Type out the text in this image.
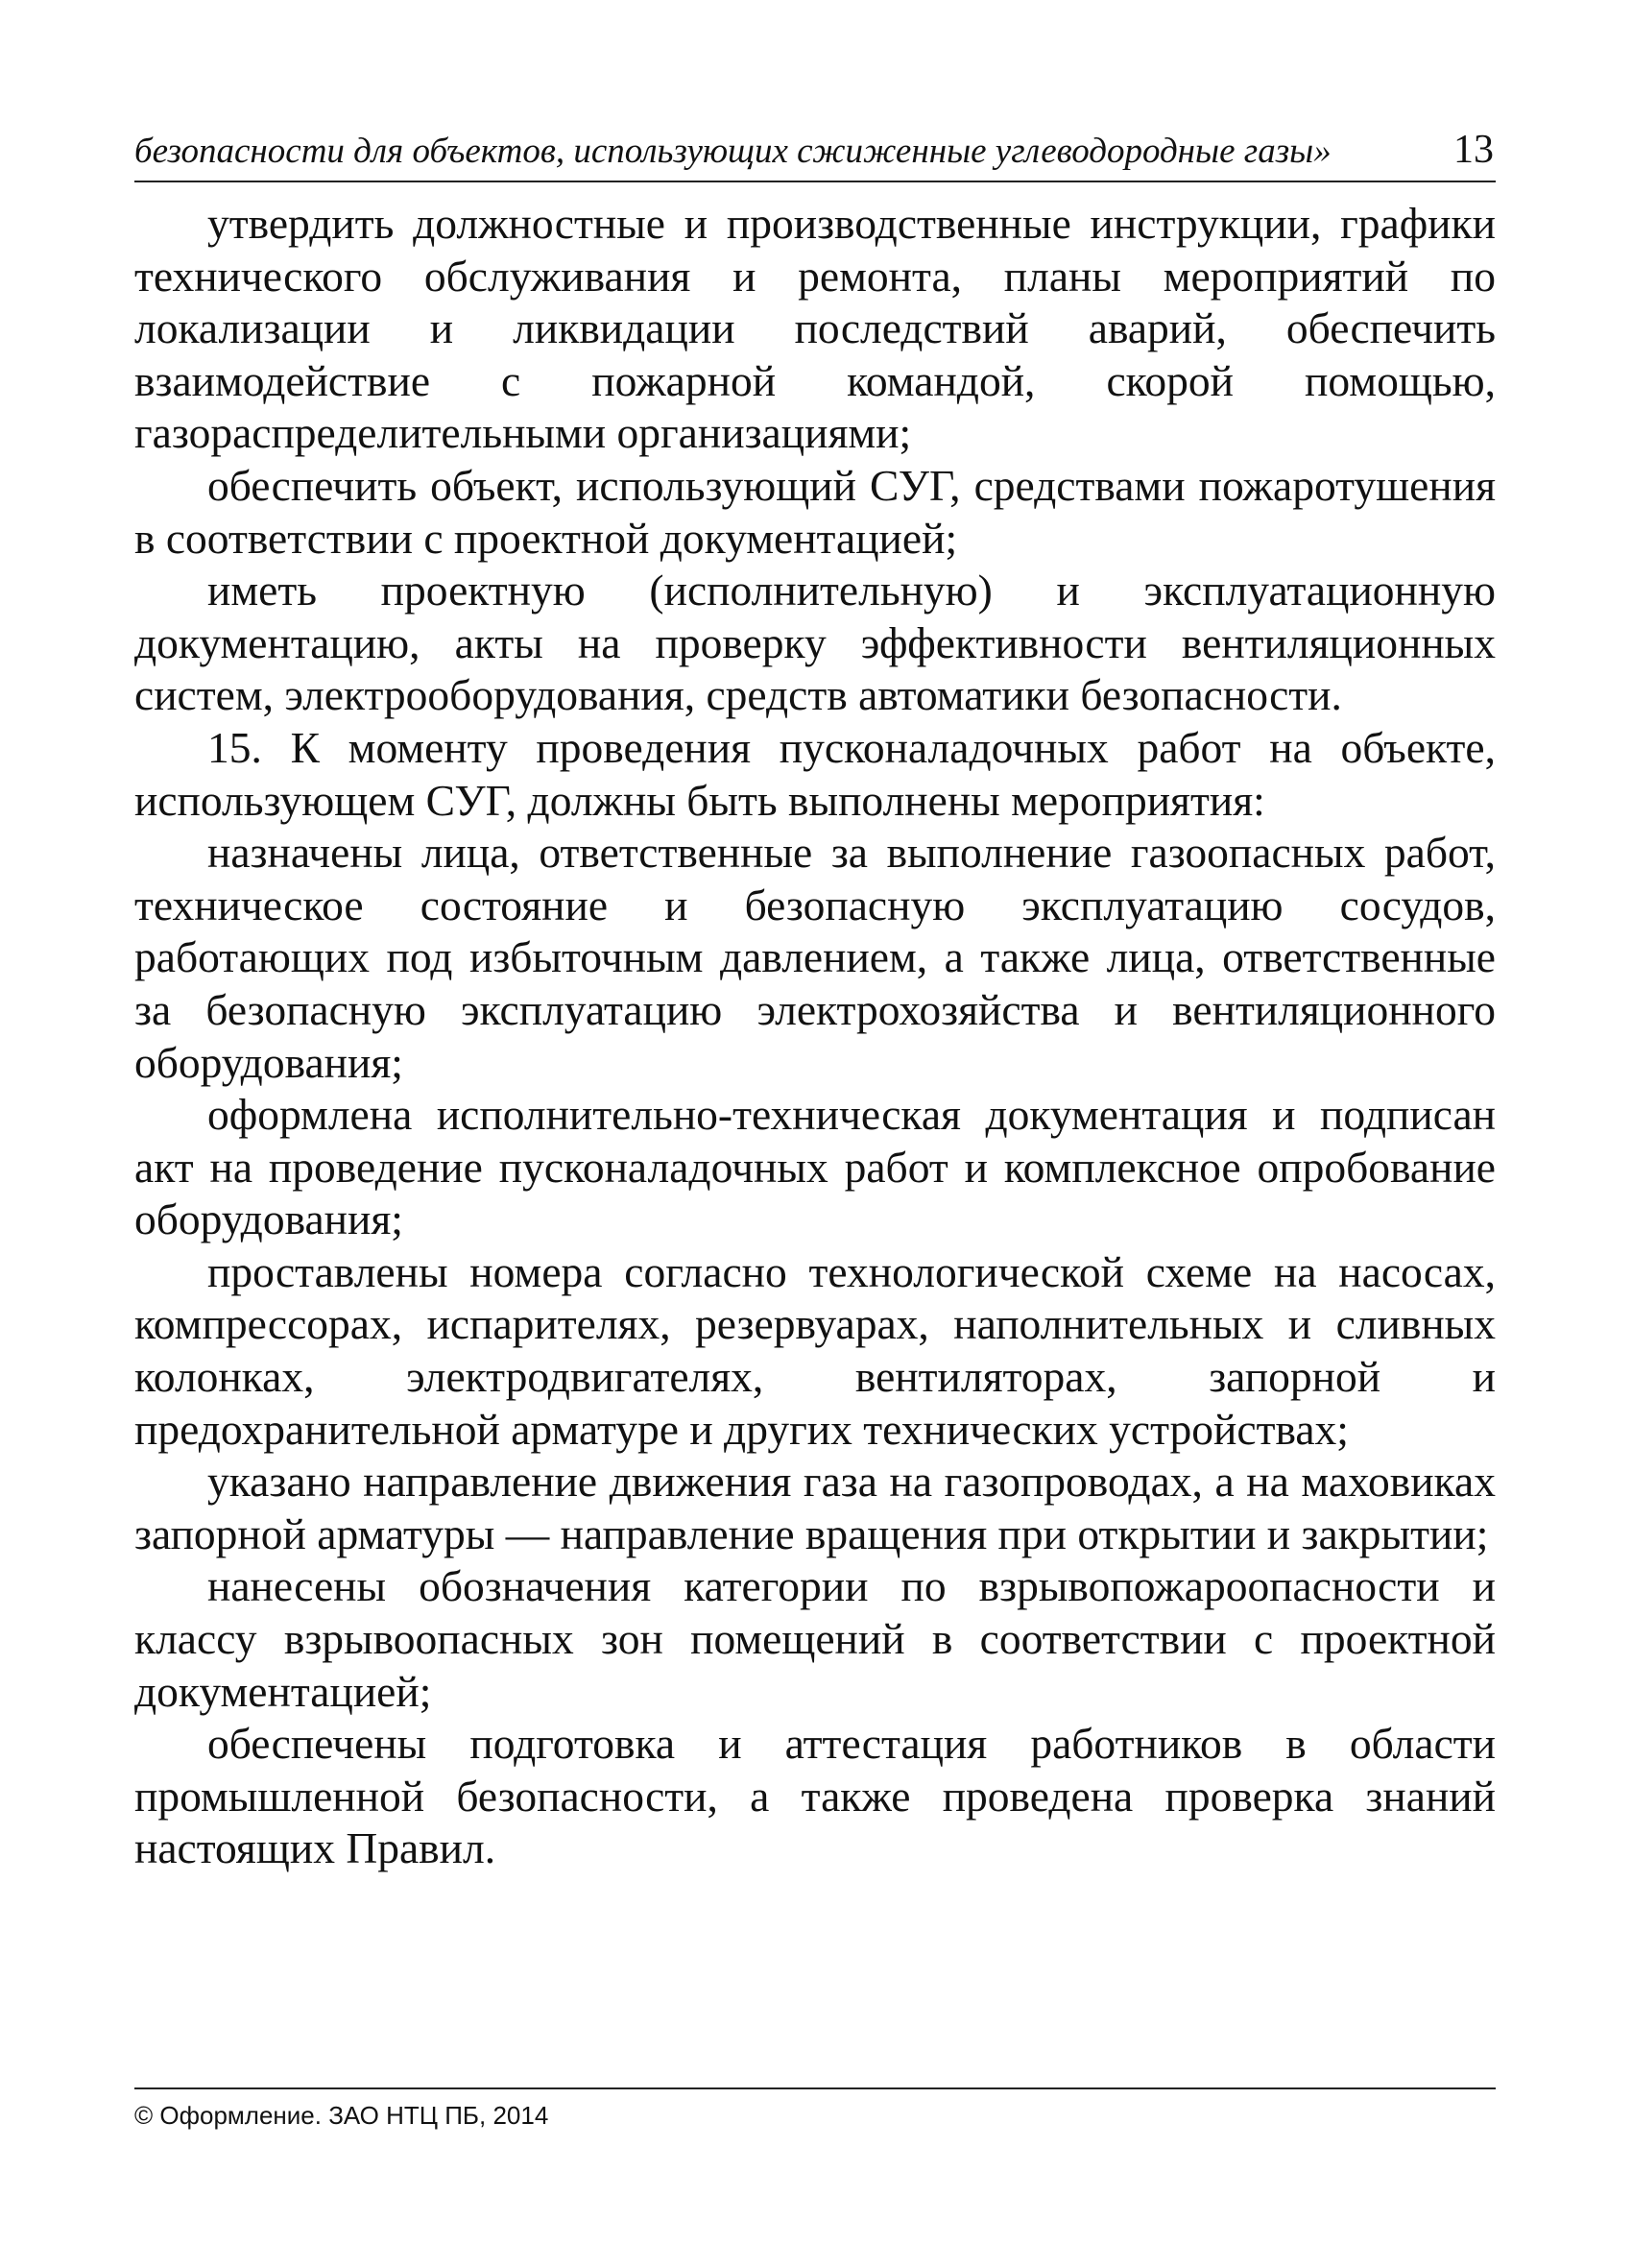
безопасности для объектов, использующих сжиженные углеводородные газы»	13

утвердить должностные и производственные инструкции, графики технического обслуживания и ремонта, планы мероприятий по локализации и ликвидации последствий аварий, обеспечить взаимодействие с пожарной командой, скорой помощью, газораспределительными организациями;

обеспечить объект, использующий СУГ, средствами пожаротушения в соответствии с проектной документацией;

иметь проектную (исполнительную) и эксплуатационную документацию, акты на проверку эффективности вентиляционных систем, электрооборудования, средств автоматики безопасности.

15. К моменту проведения пусконаладочных работ на объекте, использующем СУГ, должны быть выполнены мероприятия:

назначены лица, ответственные за выполнение газоопасных работ, техническое состояние и безопасную эксплуатацию сосудов, работающих под избыточным давлением, а также лица, ответственные за безопасную эксплуатацию электрохозяйства и вентиляционного оборудования;

оформлена исполнительно-техническая документация и подписан акт на проведение пусконаладочных работ и комплексное опробование оборудования;

проставлены номера согласно технологической схеме на насосах, компрессорах, испарителях, резервуарах, наполнительных и сливных колонках, электродвигателях, вентиляторах, запорной и предохранительной арматуре и других технических устройствах;

указано направление движения газа на газопроводах, а на маховиках запорной арматуры — направление вращения при открытии и закрытии;

нанесены обозначения категории по взрывопожароопасности и классу взрывоопасных зон помещений в соответствии с проектной документацией;

обеспечены подготовка и аттестация работников в области промышленной безопасности, а также проведена проверка знаний настоящих Правил.

© Оформление. ЗАО НТЦ ПБ, 2014
